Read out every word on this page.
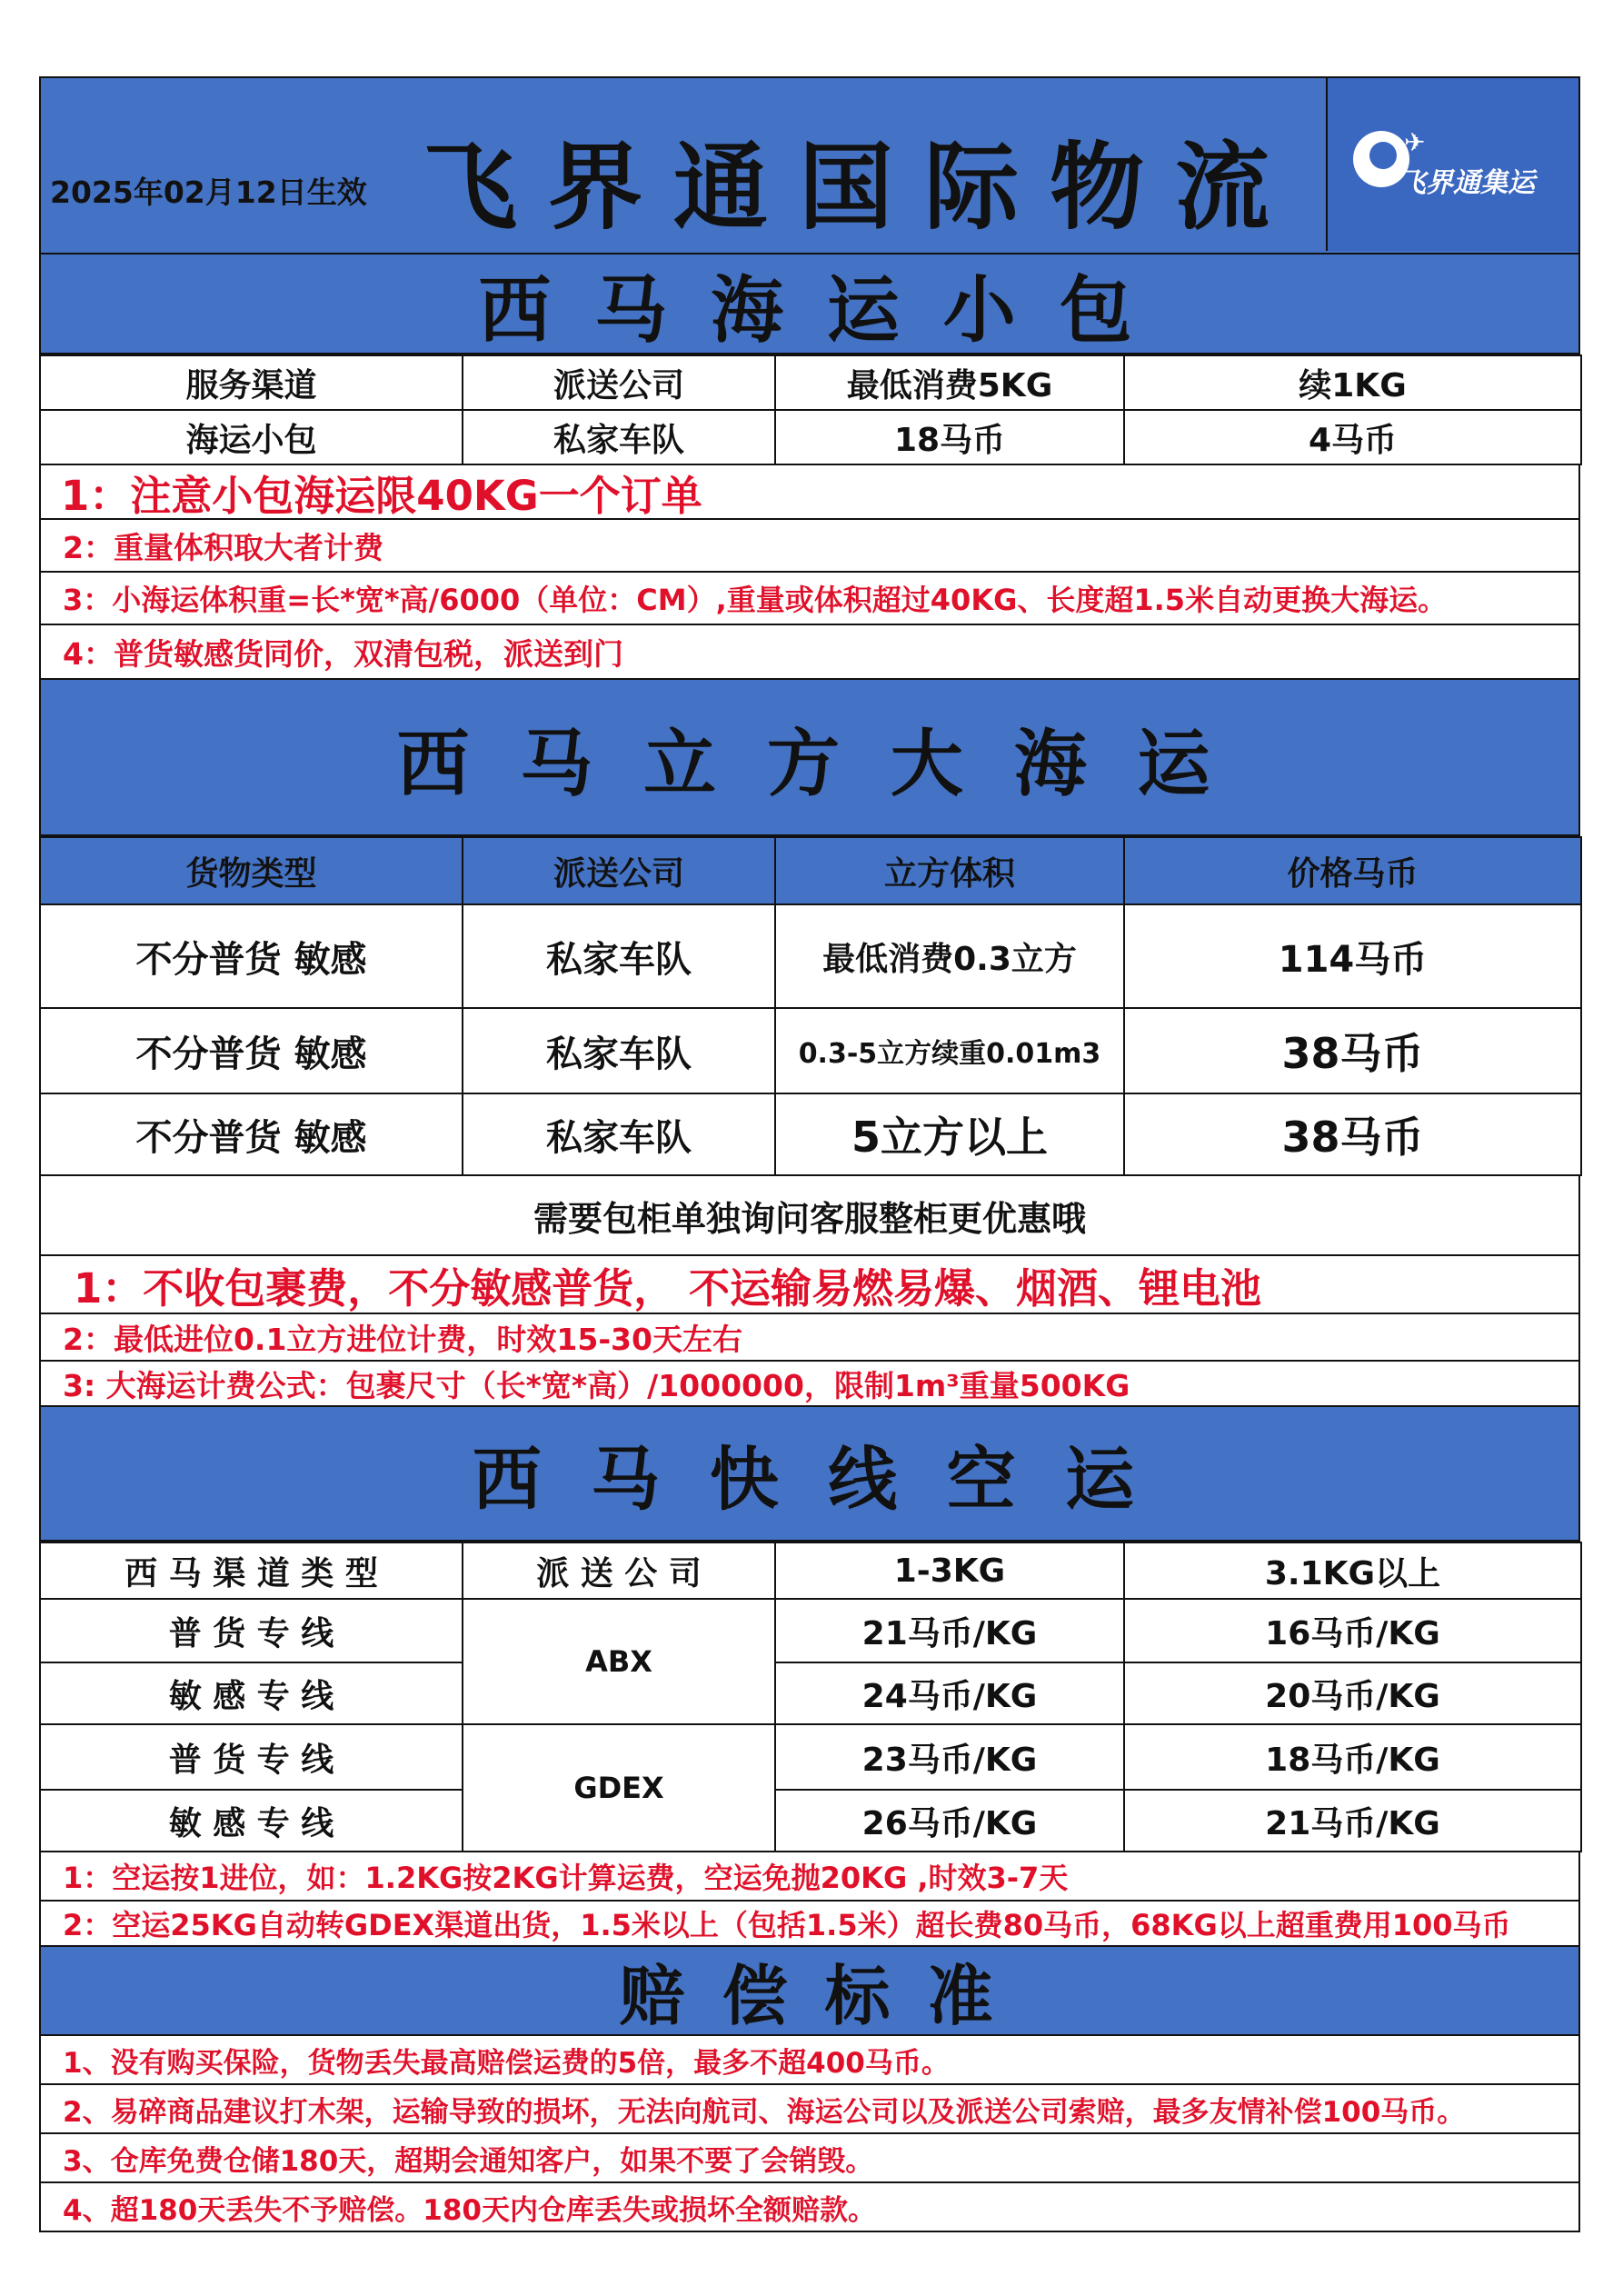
2025年02月12日生效 飞界通国际物流	✈
飞界通集运
西 马 海 运 小 包
服务渠道	派送公司	最低消费5KG	续1KG
海运小包	私家车队	18马币	4马币
1：注意小包海运限40KG一个订单
2：重量体积取大者计费
3：小海运体积重=长*宽*高/6000（单位：CM）,重量或体积超过40KG、长度超1.5米自动更换大海运。
4：普货敏感货同价，双清包税，派送到门
西 马 立 方 大 海 运
货物类型	派送公司	立方体积	价格马币
不分普货 敏感	私家车队	最低消费0.3立方	114马币
不分普货 敏感	私家车队	0.3-5立方续重0.01m3	38马币
不分普货 敏感	私家车队	5立方以上	38马币
需要包柜单独询问客服整柜更优惠哦
1：不收包裹费，不分敏感普货， 不运输易燃易爆、烟酒、锂电池
2：最低进位0.1立方进位计费，时效15-30天左右
3: 大海运计费公式：包裹尺寸（长*宽*高）/1000000，限制1m³重量500KG
西 马 快 线 空 运
西 马 渠 道 类 型	派 送 公 司	1-3KG	3.1KG以上
普 货 专 线	ABX	21马币/KG	16马币/KG
敏 感 专 线		24马币/KG	20马币/KG
普 货 专 线	GDEX	23马币/KG	18马币/KG
敏 感 专 线		26马币/KG	21马币/KG
1：空运按1进位，如：1.2KG按2KG计算运费，空运免抛20KG ,时效3-7天
2：空运25KG自动转GDEX渠道出货，1.5米以上（包括1.5米）超长费80马币，68KG以上超重费用100马币
赔 偿 标 准
1、没有购买保险，货物丢失最高赔偿运费的5倍，最多不超400马币。
2、易碎商品建议打木架，运输导致的损坏，无法向航司、海运公司以及派送公司索赔，最多友情补偿100马币。
3、仓库免费仓储180天，超期会通知客户，如果不要了会销毁。
4、超180天丢失不予赔偿。180天内仓库丢失或损坏全额赔款。
